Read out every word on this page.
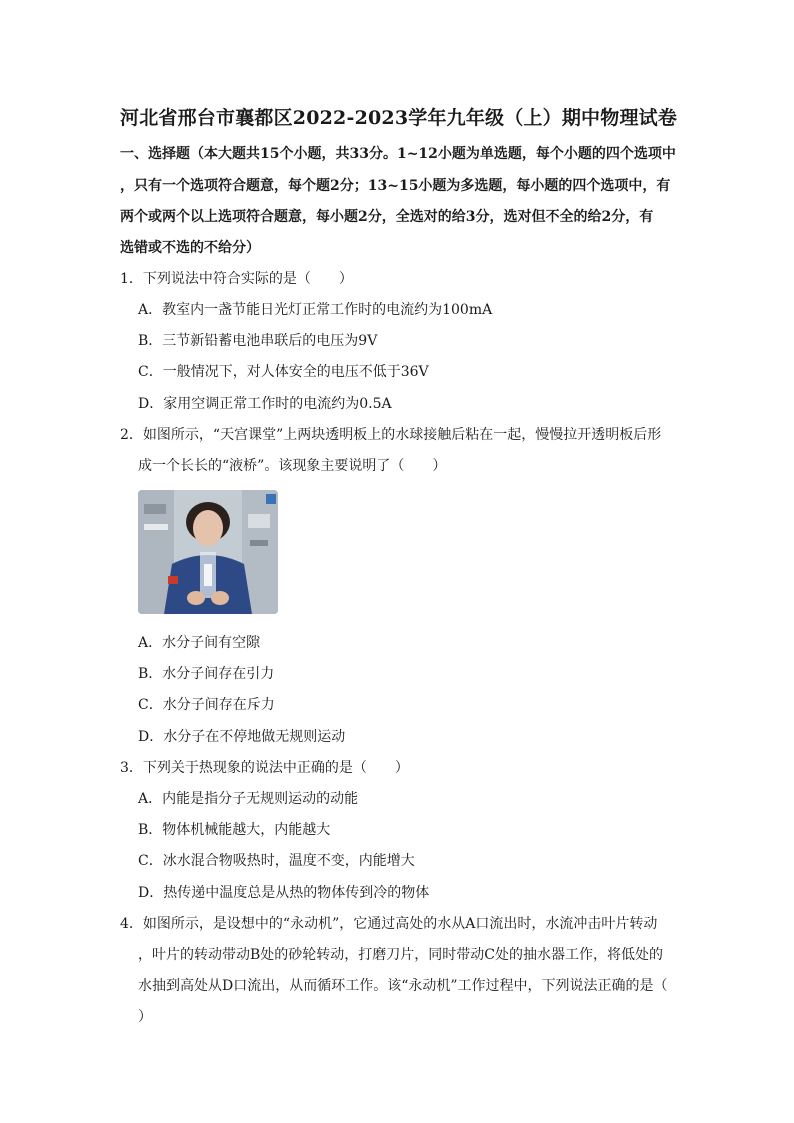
河北省邢台市襄都区2022-2023学年九年级（上）期中物理试卷
一、选择题（本大题共15个小题，共33分。1~12小题为单选题，每个小题的四个选项中
，只有一个选项符合题意，每个题2分；13~15小题为多选题，每小题的四个选项中，有
两个或两个以上选项符合题意，每小题2分，全选对的给3分，选对但不全的给2分，有
选错或不选的不给分）
1．下列说法中符合实际的是（　　）
A．教室内一盏节能日光灯正常工作时的电流约为100mA
B．三节新铅蓄电池串联后的电压为9V
C．一般情况下，对人体安全的电压不低于36V
D．家用空调正常工作时的电流约为0.5A
2．如图所示，“天宫课堂”上两块透明板上的水球接触后粘在一起，慢慢拉开透明板后形
成一个长长的“液桥”。该现象主要说明了（　　）
A．水分子间有空隙
B．水分子间存在引力
C．水分子间存在斥力
D．水分子在不停地做无规则运动
3．下列关于热现象的说法中正确的是（　　）
A．内能是指分子无规则运动的动能
B．物体机械能越大，内能越大
C．冰水混合物吸热时，温度不变，内能增大
D．热传递中温度总是从热的物体传到冷的物体
4．如图所示，是设想中的“永动机”，它通过高处的水从A口流出时，水流冲击叶片转动
，叶片的转动带动B处的砂轮转动，打磨刀片，同时带动C处的抽水器工作，将低处的
水抽到高处从D口流出，从而循环工作。该“永动机”工作过程中，下列说法正确的是（
）
